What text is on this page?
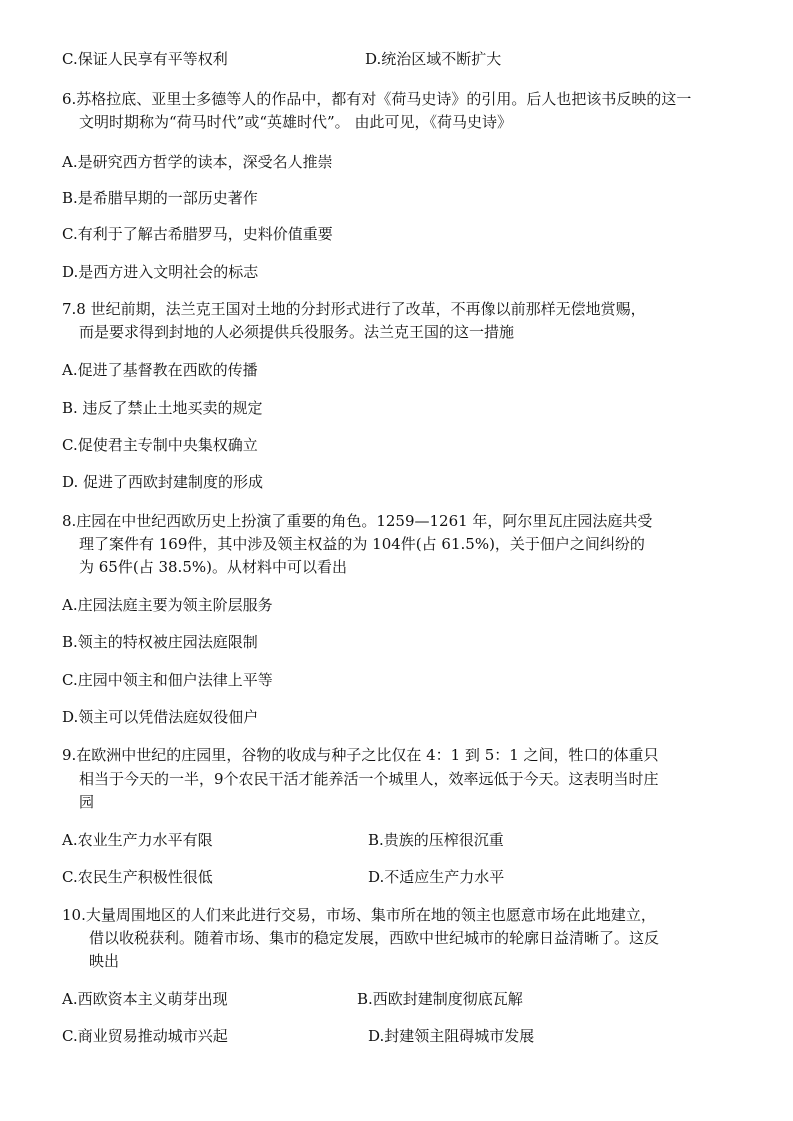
C.保证人民享有平等权利	D.统治区域不断扩大
6.苏格拉底、亚里士多德等人的作品中，都有对《荷马史诗》的引用。后人也把该书反映的这一
文明时期称为“荷马时代”或“英雄时代”。 由此可见，《荷马史诗》
A.是研究西方哲学的读本，深受名人推崇
B.是希腊早期的一部历史著作
C.有利于了解古希腊罗马，史料价值重要
D.是西方进入文明社会的标志
7.8 世纪前期，法兰克王国对土地的分封形式进行了改革，不再像以前那样无偿地赏赐，
而是要求得到封地的人必须提供兵役服务。法兰克王国的这一措施
A.促进了基督教在西欧的传播
B. 违反了禁止土地买卖的规定
C.促使君主专制中央集权确立
D. 促进了西欧封建制度的形成
8.庄园在中世纪西欧历史上扮演了重要的角色。1259—1261 年，阿尔里瓦庄园法庭共受
理了案件有 169件，其中涉及领主权益的为 104件(占 61.5%)，关于佃户之间纠纷的
为 65件(占 38.5%)。从材料中可以看出
A.庄园法庭主要为领主阶层服务
B.领主的特权被庄园法庭限制
C.庄园中领主和佃户法律上平等
D.领主可以凭借法庭奴役佃户
9.在欧洲中世纪的庄园里，谷物的收成与种子之比仅在 4：1 到 5：1 之间，牲口的体重只
相当于今天的一半，9个农民干活才能养活一个城里人，效率远低于今天。这表明当时庄
园
A.农业生产力水平有限	B.贵族的压榨很沉重
C.农民生产积极性很低	D.不适应生产力水平
10.大量周围地区的人们来此进行交易，市场、集市所在地的领主也愿意市场在此地建立，
借以收税获利。随着市场、集市的稳定发展，西欧中世纪城市的轮廓日益清晰了。这反
映出
A.西欧资本主义萌芽出现	B.西欧封建制度彻底瓦解
C.商业贸易推动城市兴起	D.封建领主阻碍城市发展
